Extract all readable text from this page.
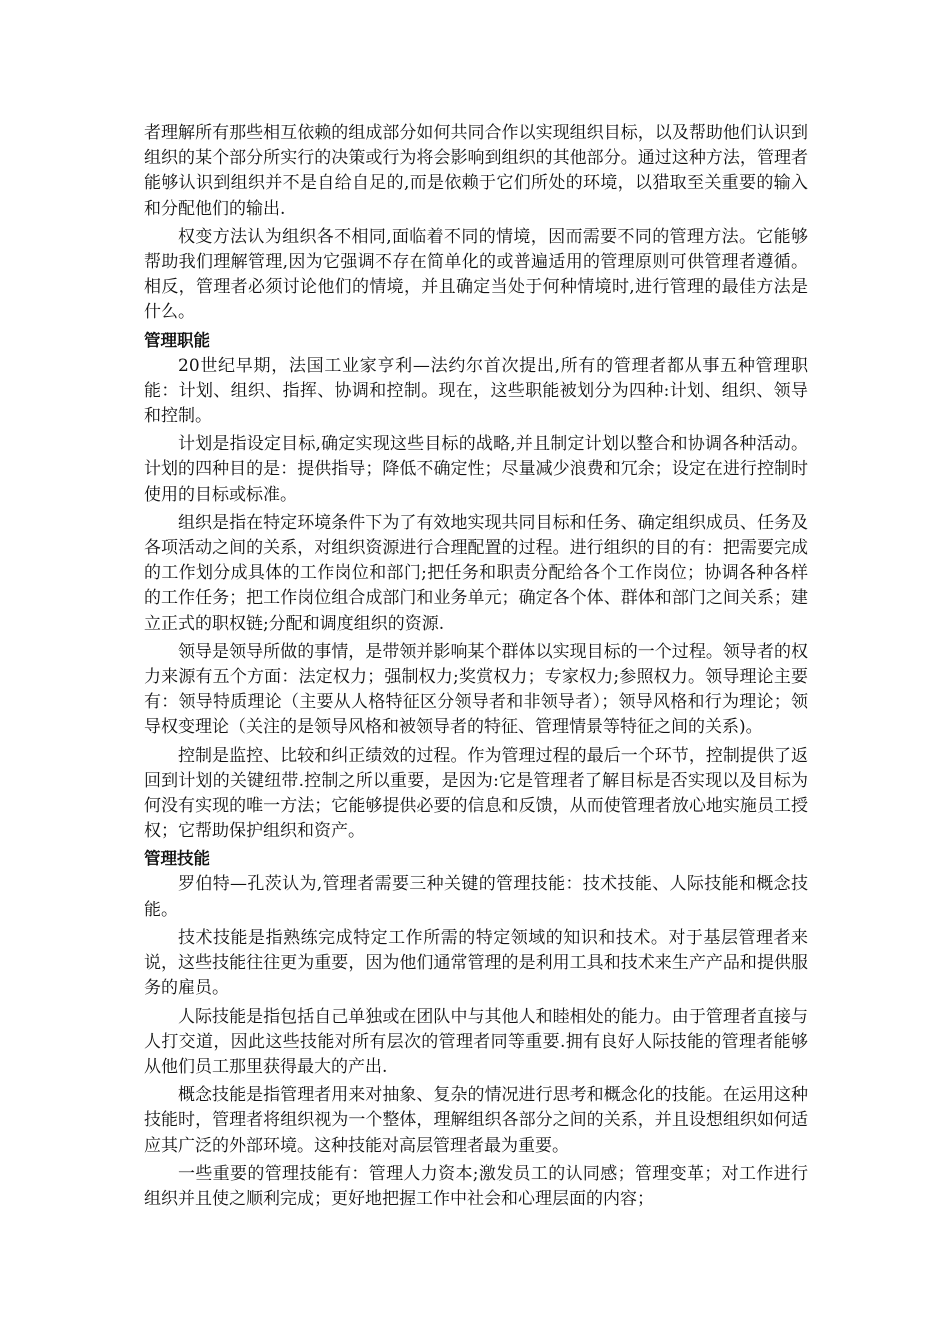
者理解所有那些相互依赖的组成部分如何共同合作以实现组织目标，以及帮助他们认识到组织的某个部分所实行的决策或行为将会影响到组织的其他部分。通过这种方法，管理者能够认识到组织并不是自给自足的,而是依赖于它们所处的环境，以猎取至关重要的输入和分配他们的输出.

权变方法认为组织各不相同,面临着不同的情境，因而需要不同的管理方法。它能够帮助我们理解管理,因为它强调不存在简单化的或普遍适用的管理原则可供管理者遵循。相反，管理者必须讨论他们的情境，并且确定当处于何种情境时,进行管理的最佳方法是什么。

管理职能

20世纪早期，法国工业家亨利—法约尔首次提出,所有的管理者都从事五种管理职能：计划、组织、指挥、协调和控制。现在，这些职能被划分为四种:计划、组织、领导和控制。

计划是指设定目标,确定实现这些目标的战略,并且制定计划以整合和协调各种活动。计划的四种目的是：提供指导；降低不确定性；尽量减少浪费和冗余；设定在进行控制时使用的目标或标准。

组织是指在特定环境条件下为了有效地实现共同目标和任务、确定组织成员、任务及各项活动之间的关系，对组织资源进行合理配置的过程。进行组织的目的有：把需要完成的工作划分成具体的工作岗位和部门;把任务和职责分配给各个工作岗位；协调各种各样的工作任务；把工作岗位组合成部门和业务单元；确定各个体、群体和部门之间关系；建立正式的职权链;分配和调度组织的资源.

领导是领导所做的事情，是带领并影响某个群体以实现目标的一个过程。领导者的权力来源有五个方面：法定权力；强制权力;奖赏权力；专家权力;参照权力。领导理论主要有：领导特质理论（主要从人格特征区分领导者和非领导者）；领导风格和行为理论；领导权变理论（关注的是领导风格和被领导者的特征、管理情景等特征之间的关系)。

控制是监控、比较和纠正绩效的过程。作为管理过程的最后一个环节，控制提供了返回到计划的关键纽带.控制之所以重要，是因为:它是管理者了解目标是否实现以及目标为何没有实现的唯一方法；它能够提供必要的信息和反馈，从而使管理者放心地实施员工授权；它帮助保护组织和资产。

管理技能

罗伯特—孔茨认为,管理者需要三种关键的管理技能：技术技能、人际技能和概念技能。

技术技能是指熟练完成特定工作所需的特定领域的知识和技术。对于基层管理者来说，这些技能往往更为重要，因为他们通常管理的是利用工具和技术来生产产品和提供服务的雇员。

人际技能是指包括自己单独或在团队中与其他人和睦相处的能力。由于管理者直接与人打交道，因此这些技能对所有层次的管理者同等重要.拥有良好人际技能的管理者能够从他们员工那里获得最大的产出.

概念技能是指管理者用来对抽象、复杂的情况进行思考和概念化的技能。在运用这种技能时，管理者将组织视为一个整体，理解组织各部分之间的关系，并且设想组织如何适应其广泛的外部环境。这种技能对高层管理者最为重要。

一些重要的管理技能有：管理人力资本;激发员工的认同感；管理变革；对工作进行组织并且使之顺利完成；更好地把握工作中社会和心理层面的内容；
